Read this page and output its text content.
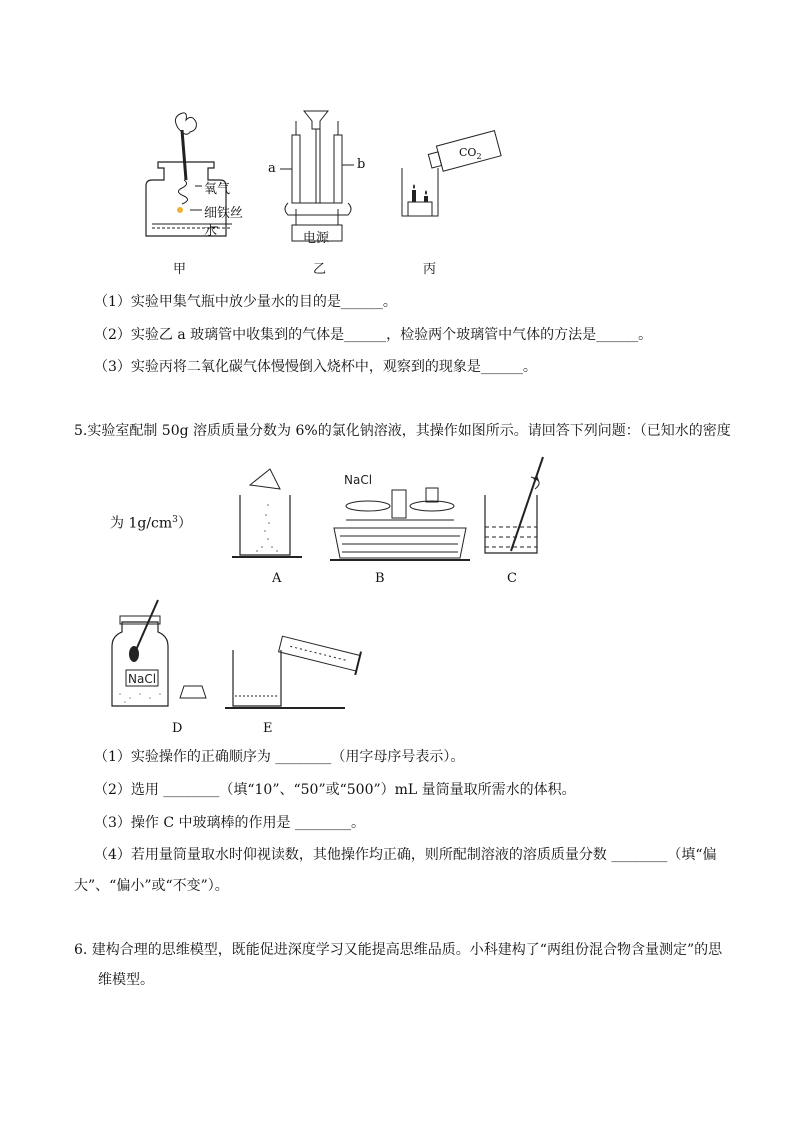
氧气
细铁丝
水
甲
a	b
电源
乙
$CO_2$
丙
（1）实验甲集气瓶中放少量水的目的是______。
（2）实验乙 a 玻璃管中收集到的气体是______，检验两个玻璃管中气体的方法是______。
（3）实验丙将二氧化碳气体慢慢倒入烧杯中，观察到的现象是______。
5.实验室配制 50g 溶质质量分数为 6%的氯化钠溶液，其操作如图所示。请回答下列问题：（已知水的密度
为 $1g/cm^3$）
A
NaCl
B	C
NaCl
D	E
（1）实验操作的正确顺序为 ________（用字母序号表示）。
（2）选用 ________（填“10”、“50”或“500”）mL 量筒量取所需水的体积。
（3）操作 C 中玻璃棒的作用是 ________。
（4）若用量筒量取水时仰视读数，其他操作均正确，则所配制溶液的溶质质量分数 ________（填“偏
大”、“偏小”或“不变”）。
6. 建构合理的思维模型，既能促进深度学习又能提高思维品质。小科建构了“两组份混合物含量测定”的思
维模型。
